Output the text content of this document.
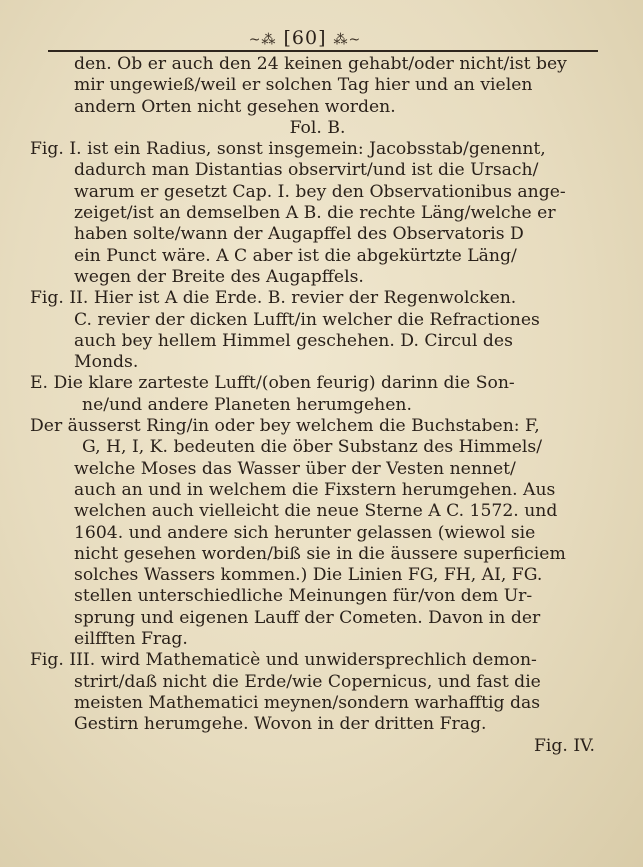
~⁂ [60] ⁂~
den. Ob er auch den 24 keinen gehabt/oder nicht/ist bey
mir ungewieß/weil er solchen Tag hier und an vielen
andern Orten nicht gesehen worden.
Fol. B.
Fig. I. ist ein Radius, sonst insgemein: Jacobsstab/genennt,
dadurch man Distantias observirt/und ist die Ursach/
warum er gesetzt Cap. I. bey den Observationibus ange-
zeiget/ist an demselben A B. die rechte Läng/welche er
haben solte/wann der Augapffel des Observatoris D
ein Punct wäre. A C aber ist die abgekürtzte Läng/
wegen der Breite des Augapffels.
Fig. II. Hier ist A die Erde. B. revier der Regenwolcken.
C. revier der dicken Lufft/in welcher die Refractiones
auch bey hellem Himmel geschehen. D. Circul des
Monds.
E. Die klare zarteste Lufft/(oben feurig) darinn die Son-
ne/und andere Planeten herumgehen.
Der äusserst Ring/in oder bey welchem die Buchstaben: F,
G, H, I, K. bedeuten die öber Substanz des Himmels/
welche Moses das Wasser über der Vesten nennet/
auch an und in welchem die Fixstern herumgehen. Aus
welchen auch vielleicht die neue Sterne A C. 1572. und
1604. und andere sich herunter gelassen (wiewol sie
nicht gesehen worden/biß sie in die äussere superficiem
solches Wassers kommen.) Die Linien FG, FH, AI, FG.
stellen unterschiedliche Meinungen für/von dem Ur-
sprung und eigenen Lauff der Cometen. Davon in der
eilfften Frag.
Fig. III. wird Mathematicè und unwidersprechlich demon-
strirt/daß nicht die Erde/wie Copernicus, und fast die
meisten Mathematici meynen/sondern warhafftig das
Gestirn herumgehe. Wovon in der dritten Frag.
Fig. IV.
